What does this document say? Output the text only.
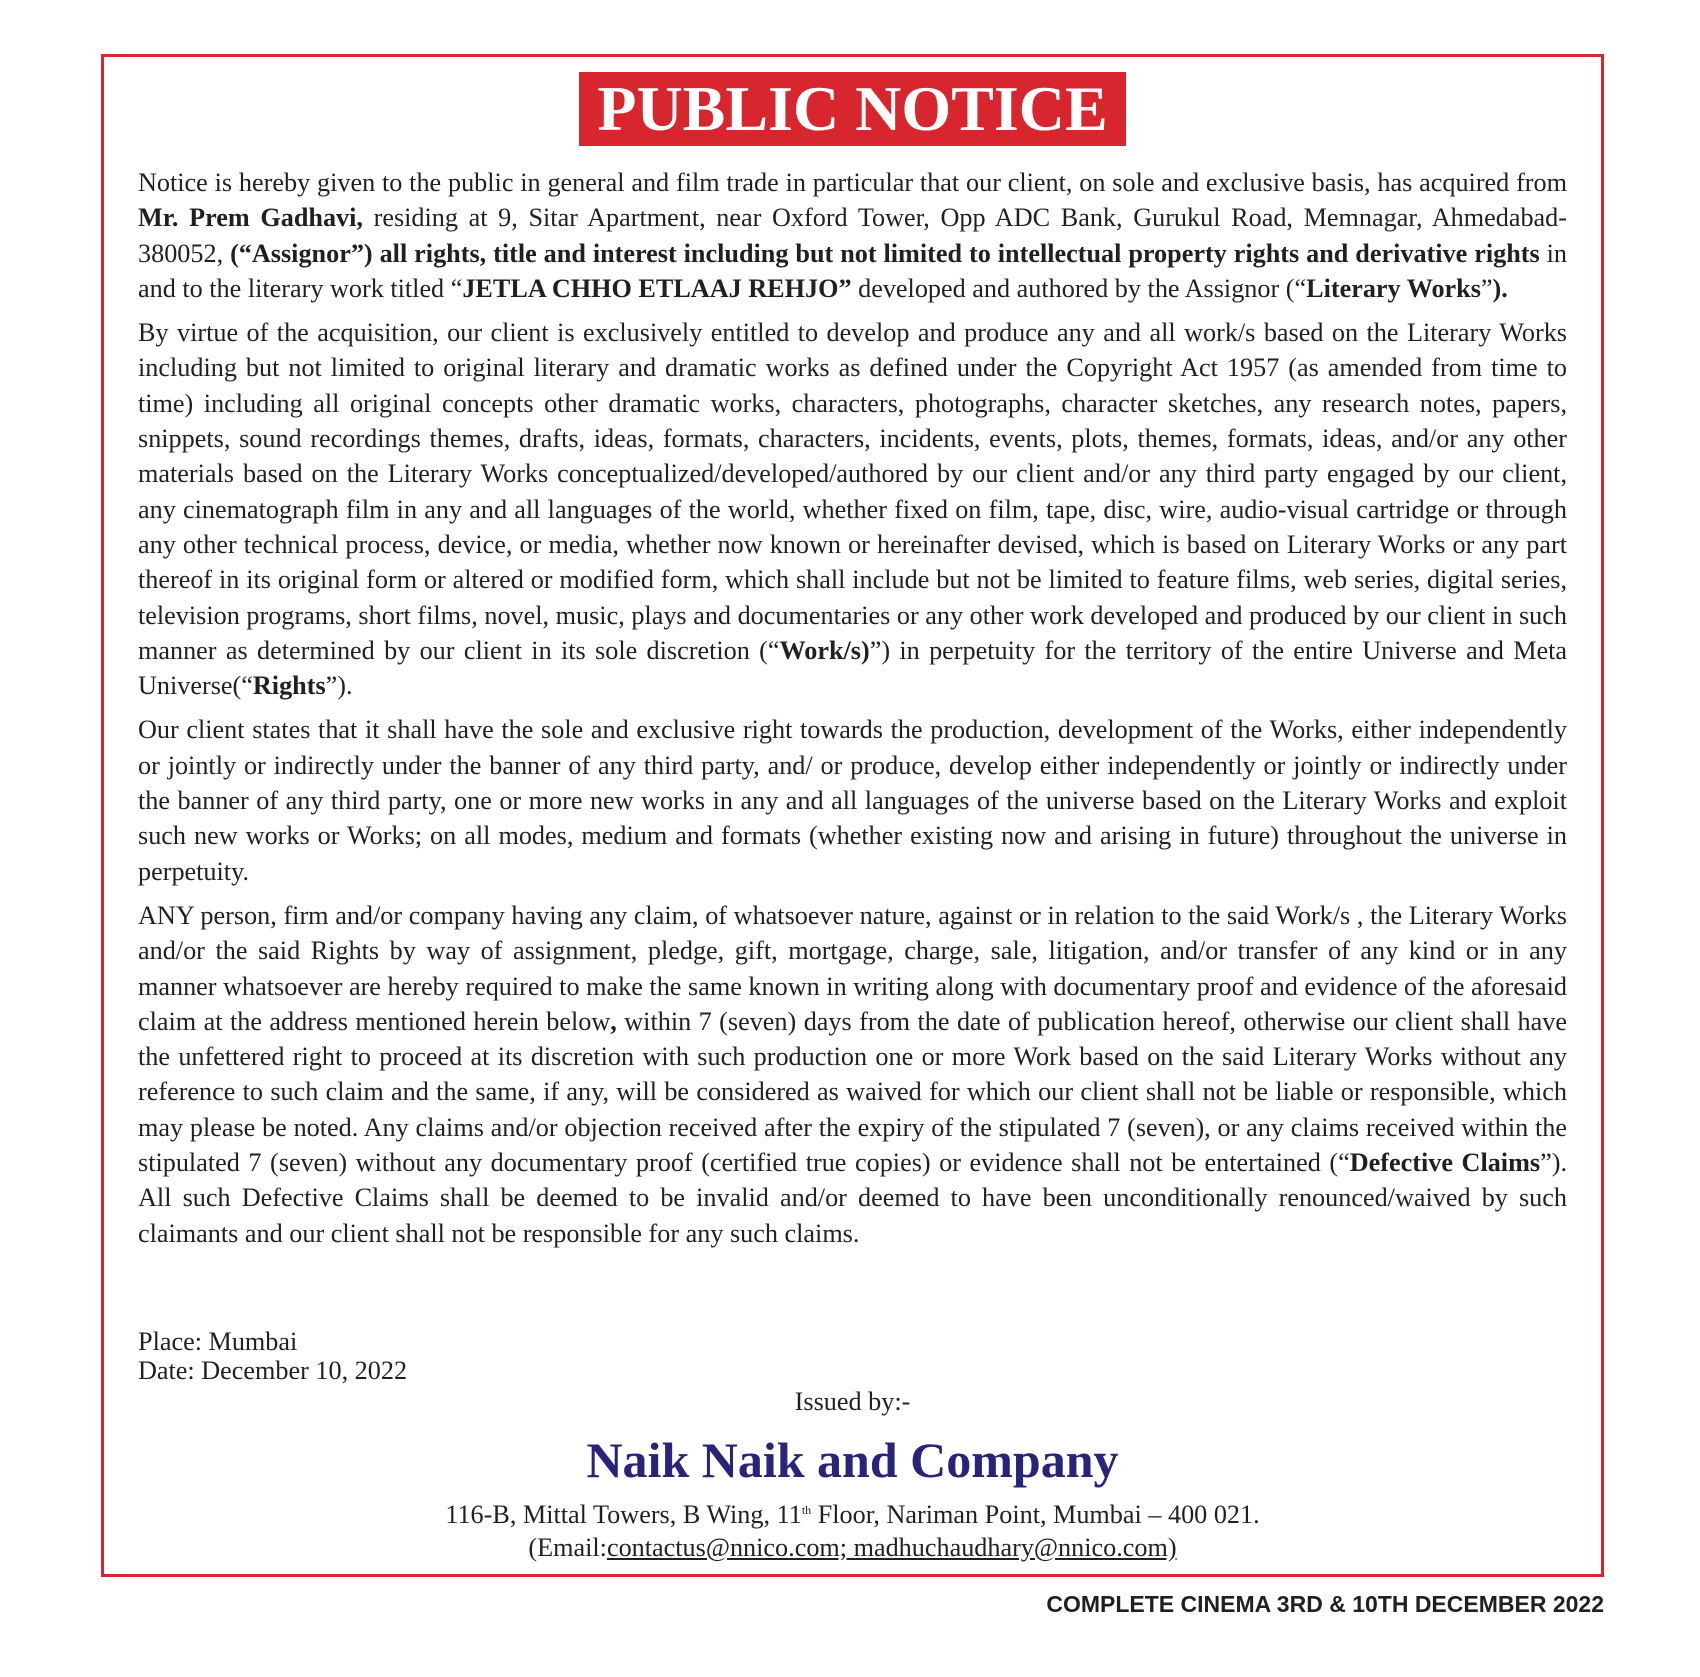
PUBLIC NOTICE

Notice is hereby given to the public in general and film trade in particular that our client, on sole and exclusive basis, has acquired from Mr. Prem Gadhavi, residing at 9, Sitar Apartment, near Oxford Tower, Opp ADC Bank, Gurukul Road, Memnagar, Ahmedabad- 380052, (“Assignor”) all rights, title and interest including but not limited to intellectual property rights and derivative rights in and to the literary work titled “JETLA CHHO ETLAAJ REHJO” developed and authored by the Assignor (“Literary Works”).

By virtue of the acquisition, our client is exclusively entitled to develop and produce any and all work/s based on the Literary Works including but not limited to original literary and dramatic works as defined under the Copyright Act 1957 (as amended from time to time) including all original concepts other dramatic works, characters, photographs, character sketches, any research notes, papers, snippets, sound recordings themes, drafts, ideas, formats, characters, incidents, events, plots, themes, formats, ideas, and/or any other materials based on the Literary Works conceptualized/developed/authored by our client and/or any third party engaged by our client, any cinematograph film in any and all languages of the world, whether fixed on film, tape, disc, wire, audio-visual cartridge or through any other technical process, device, or media, whether now known or hereinafter devised, which is based on Literary Works or any part thereof in its original form or altered or modified form, which shall include but not be limited to feature films, web series, digital series, television programs, short films, novel, music, plays and documentaries or any other work developed and produced by our client in such manner as determined by our client in its sole discretion (“Work/s)”) in perpetuity for the territory of the entire Universe and Meta Universe(“Rights”).

Our client states that it shall have the sole and exclusive right towards the production, development of the Works, either independently or jointly or indirectly under the banner of any third party, and/ or produce, develop either independently or jointly or indirectly under the banner of any third party, one or more new works in any and all languages of the universe based on the Literary Works and exploit such new works or Works; on all modes, medium and formats (whether existing now and arising in future) throughout the universe in perpetuity.

ANY person, firm and/or company having any claim, of whatsoever nature, against or in relation to the said Work/s , the Literary Works and/or the said Rights by way of assignment, pledge, gift, mortgage, charge, sale, litigation, and/or transfer of any kind or in any manner whatsoever are hereby required to make the same known in writing along with documentary proof and evidence of the aforesaid claim at the address mentioned herein below, within 7 (seven) days from the date of publication hereof, otherwise our client shall have the unfettered right to proceed at its discretion with such production one or more Work based on the said Literary Works without any reference to such claim and the same, if any, will be considered as waived for which our client shall not be liable or responsible, which may please be noted. Any claims and/or objection received after the expiry of the stipulated 7 (seven), or any claims received within the stipulated 7 (seven) without any documentary proof (certified true copies) or evidence shall not be entertained (“Defective Claims”). All such Defective Claims shall be deemed to be invalid and/or deemed to have been unconditionally renounced/waived by such claimants and our client shall not be responsible for any such claims.

Place: Mumbai
Date: December 10, 2022
Issued by:-
Naik Naik and Company
116-B, Mittal Towers, B Wing, 11th Floor, Nariman Point, Mumbai – 400 021.
(Email:contactus@nnico.com; madhuchaudhary@nnico.com)
COMPLETE CINEMA 3RD & 10TH DECEMBER 2022
